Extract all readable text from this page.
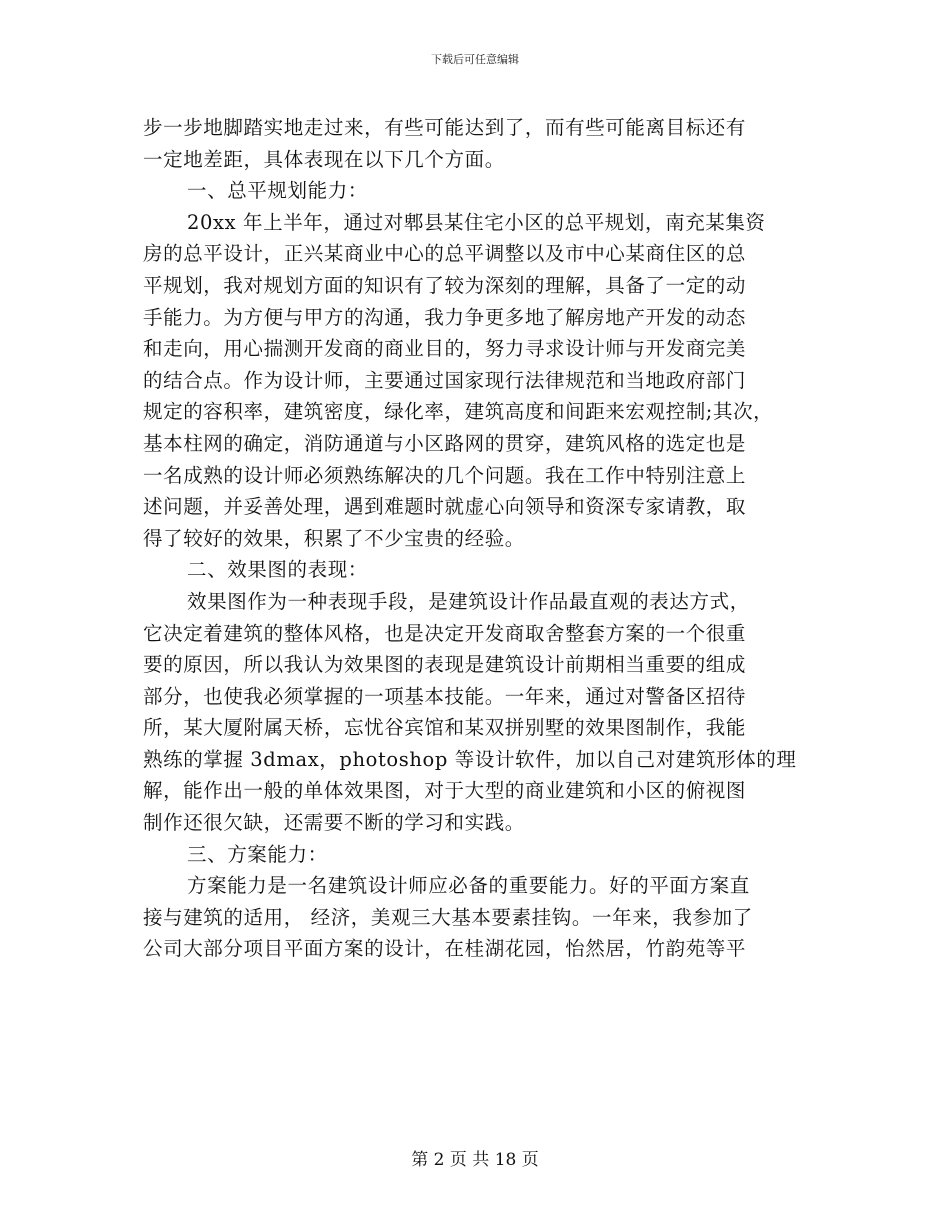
下载后可任意编辑
步一步地脚踏实地走过来，有些可能达到了，而有些可能离目标还有
一定地差距，具体表现在以下几个方面。
一、总平规划能力：
20xx 年上半年，通过对郫县某住宅小区的总平规划，南充某集资
房的总平设计，正兴某商业中心的总平调整以及市中心某商住区的总
平规划，我对规划方面的知识有了较为深刻的理解，具备了一定的动
手能力。为方便与甲方的沟通，我力争更多地了解房地产开发的动态
和走向，用心揣测开发商的商业目的，努力寻求设计师与开发商完美
的结合点。作为设计师，主要通过国家现行法律规范和当地政府部门
规定的容积率，建筑密度，绿化率，建筑高度和间距来宏观控制;其次，
基本柱网的确定，消防通道与小区路网的贯穿，建筑风格的选定也是
一名成熟的设计师必须熟练解决的几个问题。我在工作中特别注意上
述问题，并妥善处理，遇到难题时就虚心向领导和资深专家请教，取
得了较好的效果，积累了不少宝贵的经验。
二、效果图的表现：
效果图作为一种表现手段，是建筑设计作品最直观的表达方式，
它决定着建筑的整体风格，也是决定开发商取舍整套方案的一个很重
要的原因，所以我认为效果图的表现是建筑设计前期相当重要的组成
部分，也使我必须掌握的一项基本技能。一年来，通过对警备区招待
所，某大厦附属天桥，忘忧谷宾馆和某双拼别墅的效果图制作，我能
熟练的掌握 3dmax，photoshop 等设计软件，加以自己对建筑形体的理
解，能作出一般的单体效果图，对于大型的商业建筑和小区的俯视图
制作还很欠缺，还需要不断的学习和实践。
三、方案能力：
方案能力是一名建筑设计师应必备的重要能力。好的平面方案直
接与建筑的适用， 经济，美观三大基本要素挂钩。一年来，我参加了
公司大部分项目平面方案的设计，在桂湖花园，怡然居，竹韵苑等平
第 2 页 共 18 页
